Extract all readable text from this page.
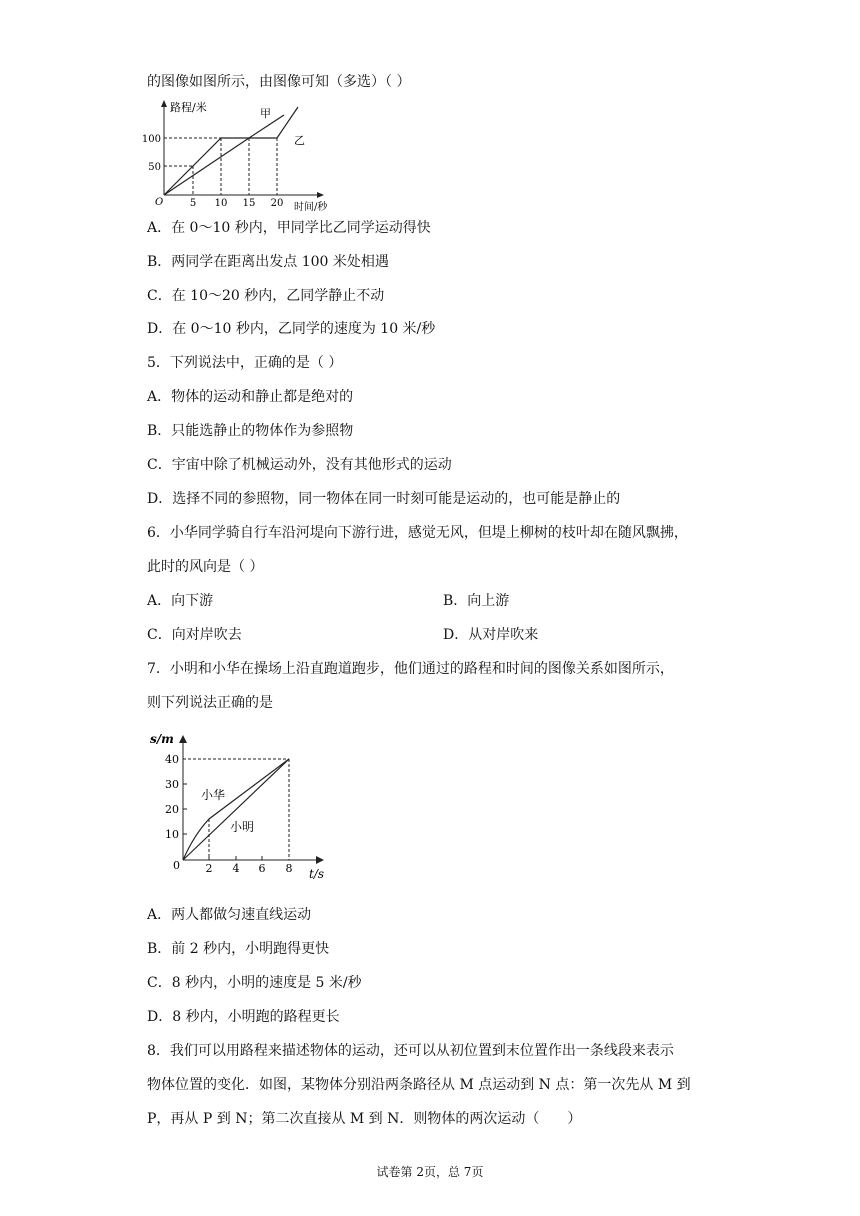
的图像如图所示，由图像可知（多选）（ ）
路程/米
时间/秒
O
甲
乙
100
50
5 10 15 20
A．在 0～10 秒内，甲同学比乙同学运动得快
B．两同学在距离出发点 100 米处相遇
C．在 10～20 秒内，乙同学静止不动
D．在 0～10 秒内，乙同学的速度为 10 米/秒
5．下列说法中，正确的是（ ）
A．物体的运动和静止都是绝对的
B．只能选静止的物体作为参照物
C．宇宙中除了机械运动外，没有其他形式的运动
D．选择不同的参照物，同一物体在同一时刻可能是运动的，也可能是静止的
6．小华同学骑自行车沿河堤向下游行进，感觉无风，但堤上柳树的枝叶却在随风飘拂，
此时的风向是（ ）
A．向下游	B．向上游
C．向对岸吹去	D．从对岸吹来
7．小明和小华在操场上沿直跑道跑步，他们通过的路程和时间的图像关系如图所示，
则下列说法正确的是
s/m
t/s
0
小华
小明
10
20
30
40
2 4 6 8
A．两人都做匀速直线运动
B．前 2 秒内，小明跑得更快
C．8 秒内，小明的速度是 5 米/秒
D．8 秒内，小明跑的路程更长
8．我们可以用路程来描述物体的运动，还可以从初位置到末位置作出一条线段来表示
物体位置的变化．如图，某物体分别沿两条路径从 M 点运动到 N 点：第一次先从 M 到
P，再从 P 到 N；第二次直接从 M 到 N．则物体的两次运动（　　）
试卷第 2页，总 7页
